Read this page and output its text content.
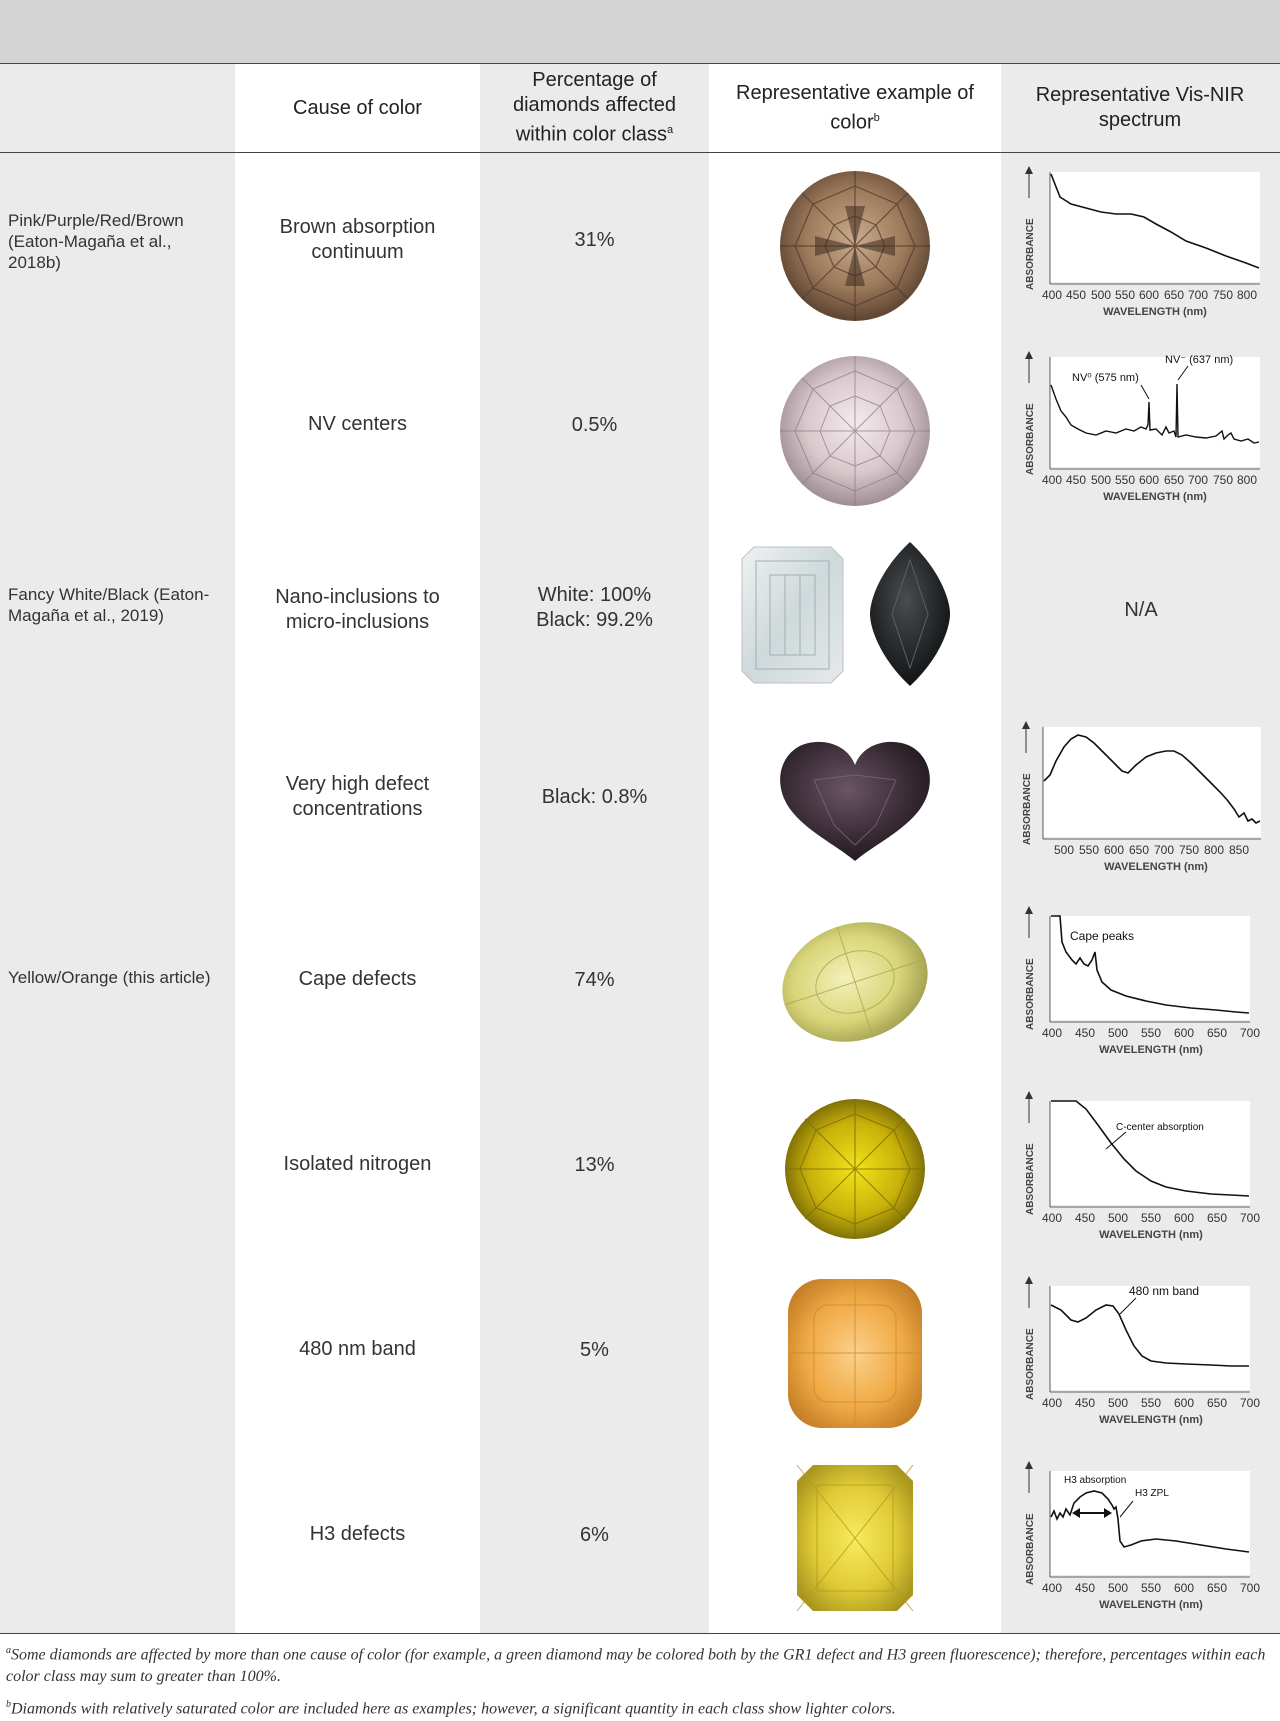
Cause of color
Percentage of diamonds affected within color class$^a$
Representative example of color$^b$
Representative Vis-NIR spectrum
Pink/Purple/Red/Brown (Eaton-Magaña et al., 2018b)
Fancy White/Black (Eaton-Magaña et al., 2019)
Yellow/Orange (this article)
Brown absorption continuum
NV centers
Nano-inclusions to micro-inclusions
Very high defect concentrations
Cape defects
Isolated nitrogen
480 nm band
H3 defects
31%
0.5%
White: 100%
Black: 99.2%
Black: 0.8%
74%
13%
5%
6%
N/A
ABSORBANCE
400 450 500 550 600 650 700 750 800
WAVELENGTH (nm)
ABSORBANCE
NV⁰ (575 nm)
NV⁻ (637 nm)
400 450 500 550 600 650 700 750 800
WAVELENGTH (nm)
ABSORBANCE
500 550 600 650 700 750 800 850
WAVELENGTH (nm)
ABSORBANCE
Cape peaks
400 450 500 550 600 650 700
WAVELENGTH (nm)
ABSORBANCE
C-center absorption
400 450 500 550 600 650 700
WAVELENGTH (nm)
ABSORBANCE
480 nm band
400 450 500 550 600 650 700
WAVELENGTH (nm)
ABSORBANCE
H3 absorption
H3 ZPL
400 450 500 550 600 650 700
WAVELENGTH (nm)
$^a$Some diamonds are affected by more than one cause of color (for example, a green diamond may be colored both by the GR1 defect and H3 green fluorescence); therefore, percentages within each color class may sum to greater than 100%.
$^b$Diamonds with relatively saturated color are included here as examples; however, a significant quantity in each class show lighter colors.
